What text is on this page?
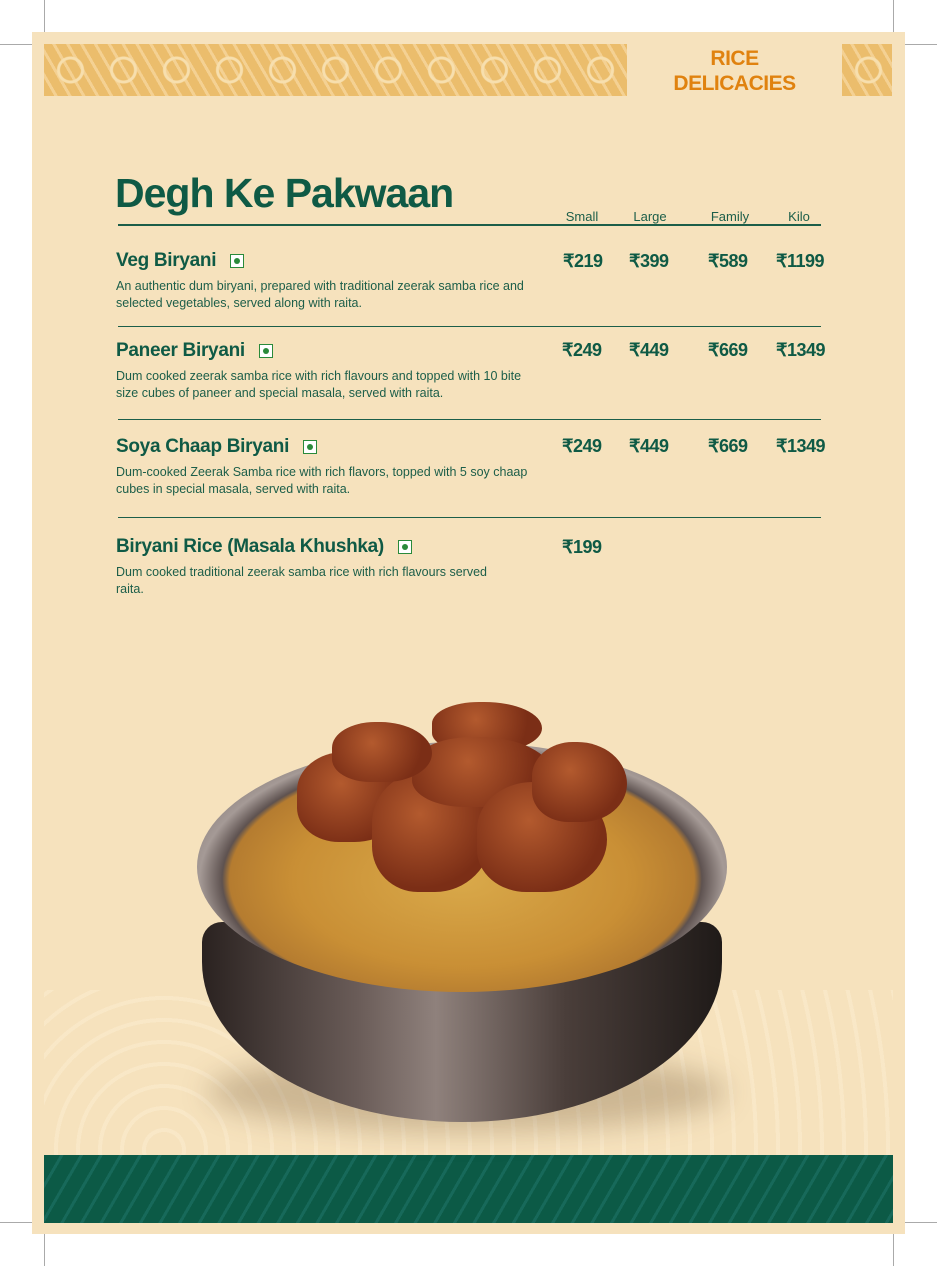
RICE
DELICACIES
Degh Ke Pakwaan
Small	Large	Family	Kilo
Veg Biryani
An authentic dum biryani, prepared with traditional zeerak samba rice and selected vegetables, served along with raita.
₹219 ₹399 ₹589 ₹1199
Paneer Biryani
Dum cooked zeerak samba rice with rich flavours and topped with 10 bite size cubes of paneer and special masala, served with raita.
₹249 ₹449 ₹669 ₹1349
Soya Chaap Biryani
Dum-cooked Zeerak Samba rice with rich flavors, topped with 5 soy chaap cubes in special masala, served with raita.
₹249 ₹449 ₹669 ₹1349
Biryani Rice (Masala Khushka)
Dum cooked traditional zeerak samba rice with rich flavours served raita.
₹199
